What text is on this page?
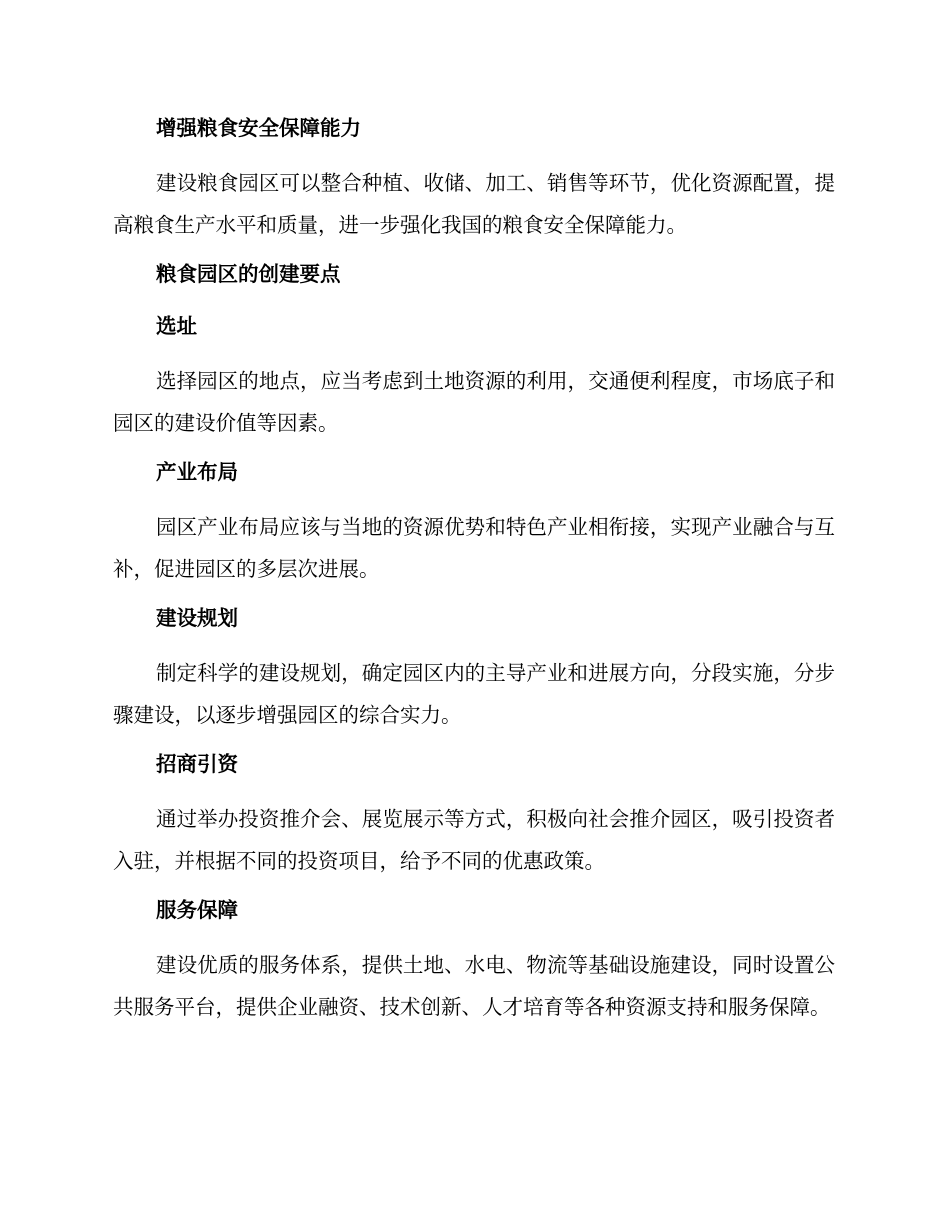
增强粮食安全保障能力

建设粮食园区可以整合种植、收储、加工、销售等环节，优化资源配置，提高粮食生产水平和质量，进一步强化我国的粮食安全保障能力。

粮食园区的创建要点
选址

选择园区的地点，应当考虑到土地资源的利用，交通便利程度，市场底子和园区的建设价值等因素。

产业布局

园区产业布局应该与当地的资源优势和特色产业相衔接，实现产业融合与互补，促进园区的多层次进展。

建设规划

制定科学的建设规划，确定园区内的主导产业和进展方向，分段实施，分步骤建设，以逐步增强园区的综合实力。

招商引资

通过举办投资推介会、展览展示等方式，积极向社会推介园区，吸引投资者入驻，并根据不同的投资项目，给予不同的优惠政策。

服务保障

建设优质的服务体系，提供土地、水电、物流等基础设施建设，同时设置公共服务平台，提供企业融资、技术创新、人才培育等各种资源支持和服务保障。
